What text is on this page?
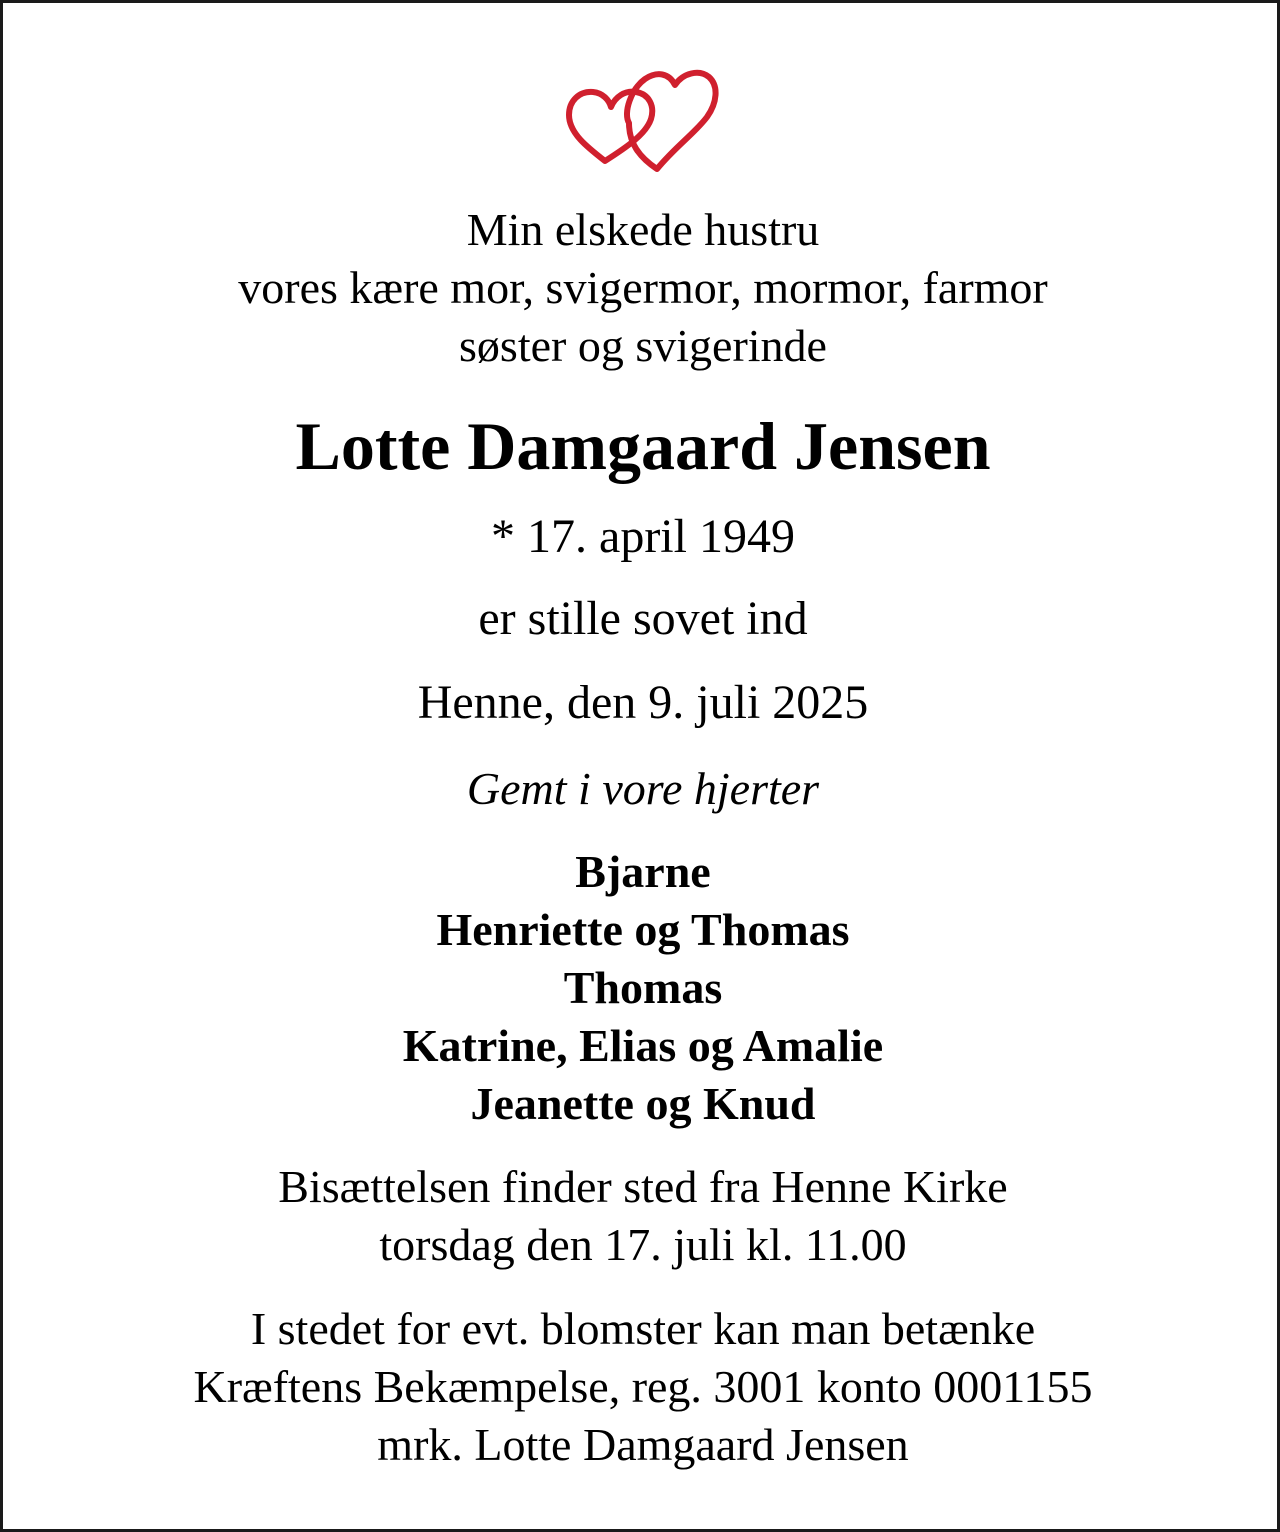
Min elskede hustru
vores kære mor, svigermor, mormor, farmor
søster og svigerinde
Lotte Damgaard Jensen
* 17. april 1949
er stille sovet ind
Henne, den 9. juli 2025
Gemt i vore hjerter
Bjarne
Henriette og Thomas
Thomas
Katrine, Elias og Amalie
Jeanette og Knud
Bisættelsen finder sted fra Henne Kirke
torsdag den 17. juli kl. 11.00
I stedet for evt. blomster kan man betænke
Kræftens Bekæmpelse, reg. 3001 konto 0001155
mrk. Lotte Damgaard Jensen
